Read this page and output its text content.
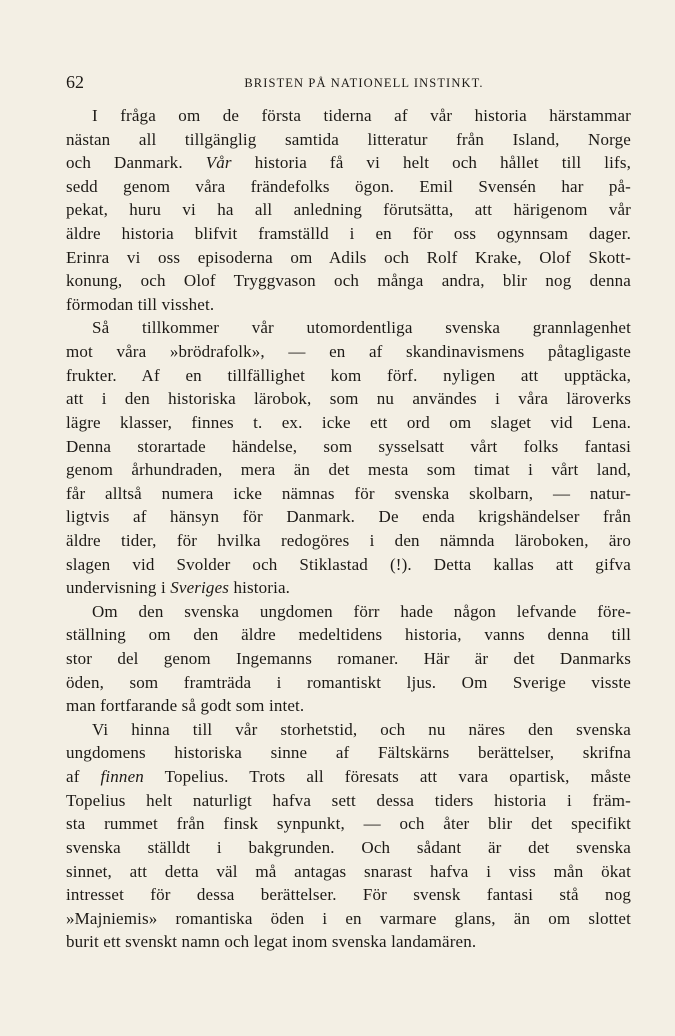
62	BRISTEN PÅ NATIONELL INSTINKT.
I fråga om de första tiderna af vår historia härstammar
nästan all tillgänglig samtida litteratur från Island, Norge
och Danmark. Vår historia få vi helt och hållet till lifs,
sedd genom våra frändefolks ögon. Emil Svensén har på-
pekat, huru vi ha all anledning förutsätta, att härigenom vår
äldre historia blifvit framställd i en för oss ogynnsam dager.
Erinra vi oss episoderna om Adils och Rolf Krake, Olof Skott-
konung, och Olof Tryggvason och många andra, blir nog denna
förmodan till visshet.
Så tillkommer vår utomordentliga svenska grannlagenhet
mot våra »brödrafolk», — en af skandinavismens påtagligaste
frukter. Af en tillfällighet kom förf. nyligen att upptäcka,
att i den historiska lärobok, som nu användes i våra läroverks
lägre klasser, finnes t. ex. icke ett ord om slaget vid Lena.
Denna storartade händelse, som sysselsatt vårt folks fantasi
genom århundraden, mera än det mesta som timat i vårt land,
får alltså numera icke nämnas för svenska skolbarn, — natur-
ligtvis af hänsyn för Danmark. De enda krigshändelser från
äldre tider, för hvilka redogöres i den nämnda läroboken, äro
slagen vid Svolder och Stiklastad (!). Detta kallas att gifva
undervisning i Sveriges historia.
Om den svenska ungdomen förr hade någon lefvande före-
ställning om den äldre medeltidens historia, vanns denna till
stor del genom Ingemanns romaner. Här är det Danmarks
öden, som framträda i romantiskt ljus. Om Sverige visste
man fortfarande så godt som intet.
Vi hinna till vår storhetstid, och nu näres den svenska
ungdomens historiska sinne af Fältskärns berättelser, skrifna
af finnen Topelius. Trots all föresats att vara opartisk, måste
Topelius helt naturligt hafva sett dessa tiders historia i främ-
sta rummet från finsk synpunkt, — och åter blir det specifikt
svenska ställdt i bakgrunden. Och sådant är det svenska
sinnet, att detta väl må antagas snarast hafva i viss mån ökat
intresset för dessa berättelser. För svensk fantasi stå nog
»Majniemis» romantiska öden i en varmare glans, än om slottet
burit ett svenskt namn och legat inom svenska landamären.
